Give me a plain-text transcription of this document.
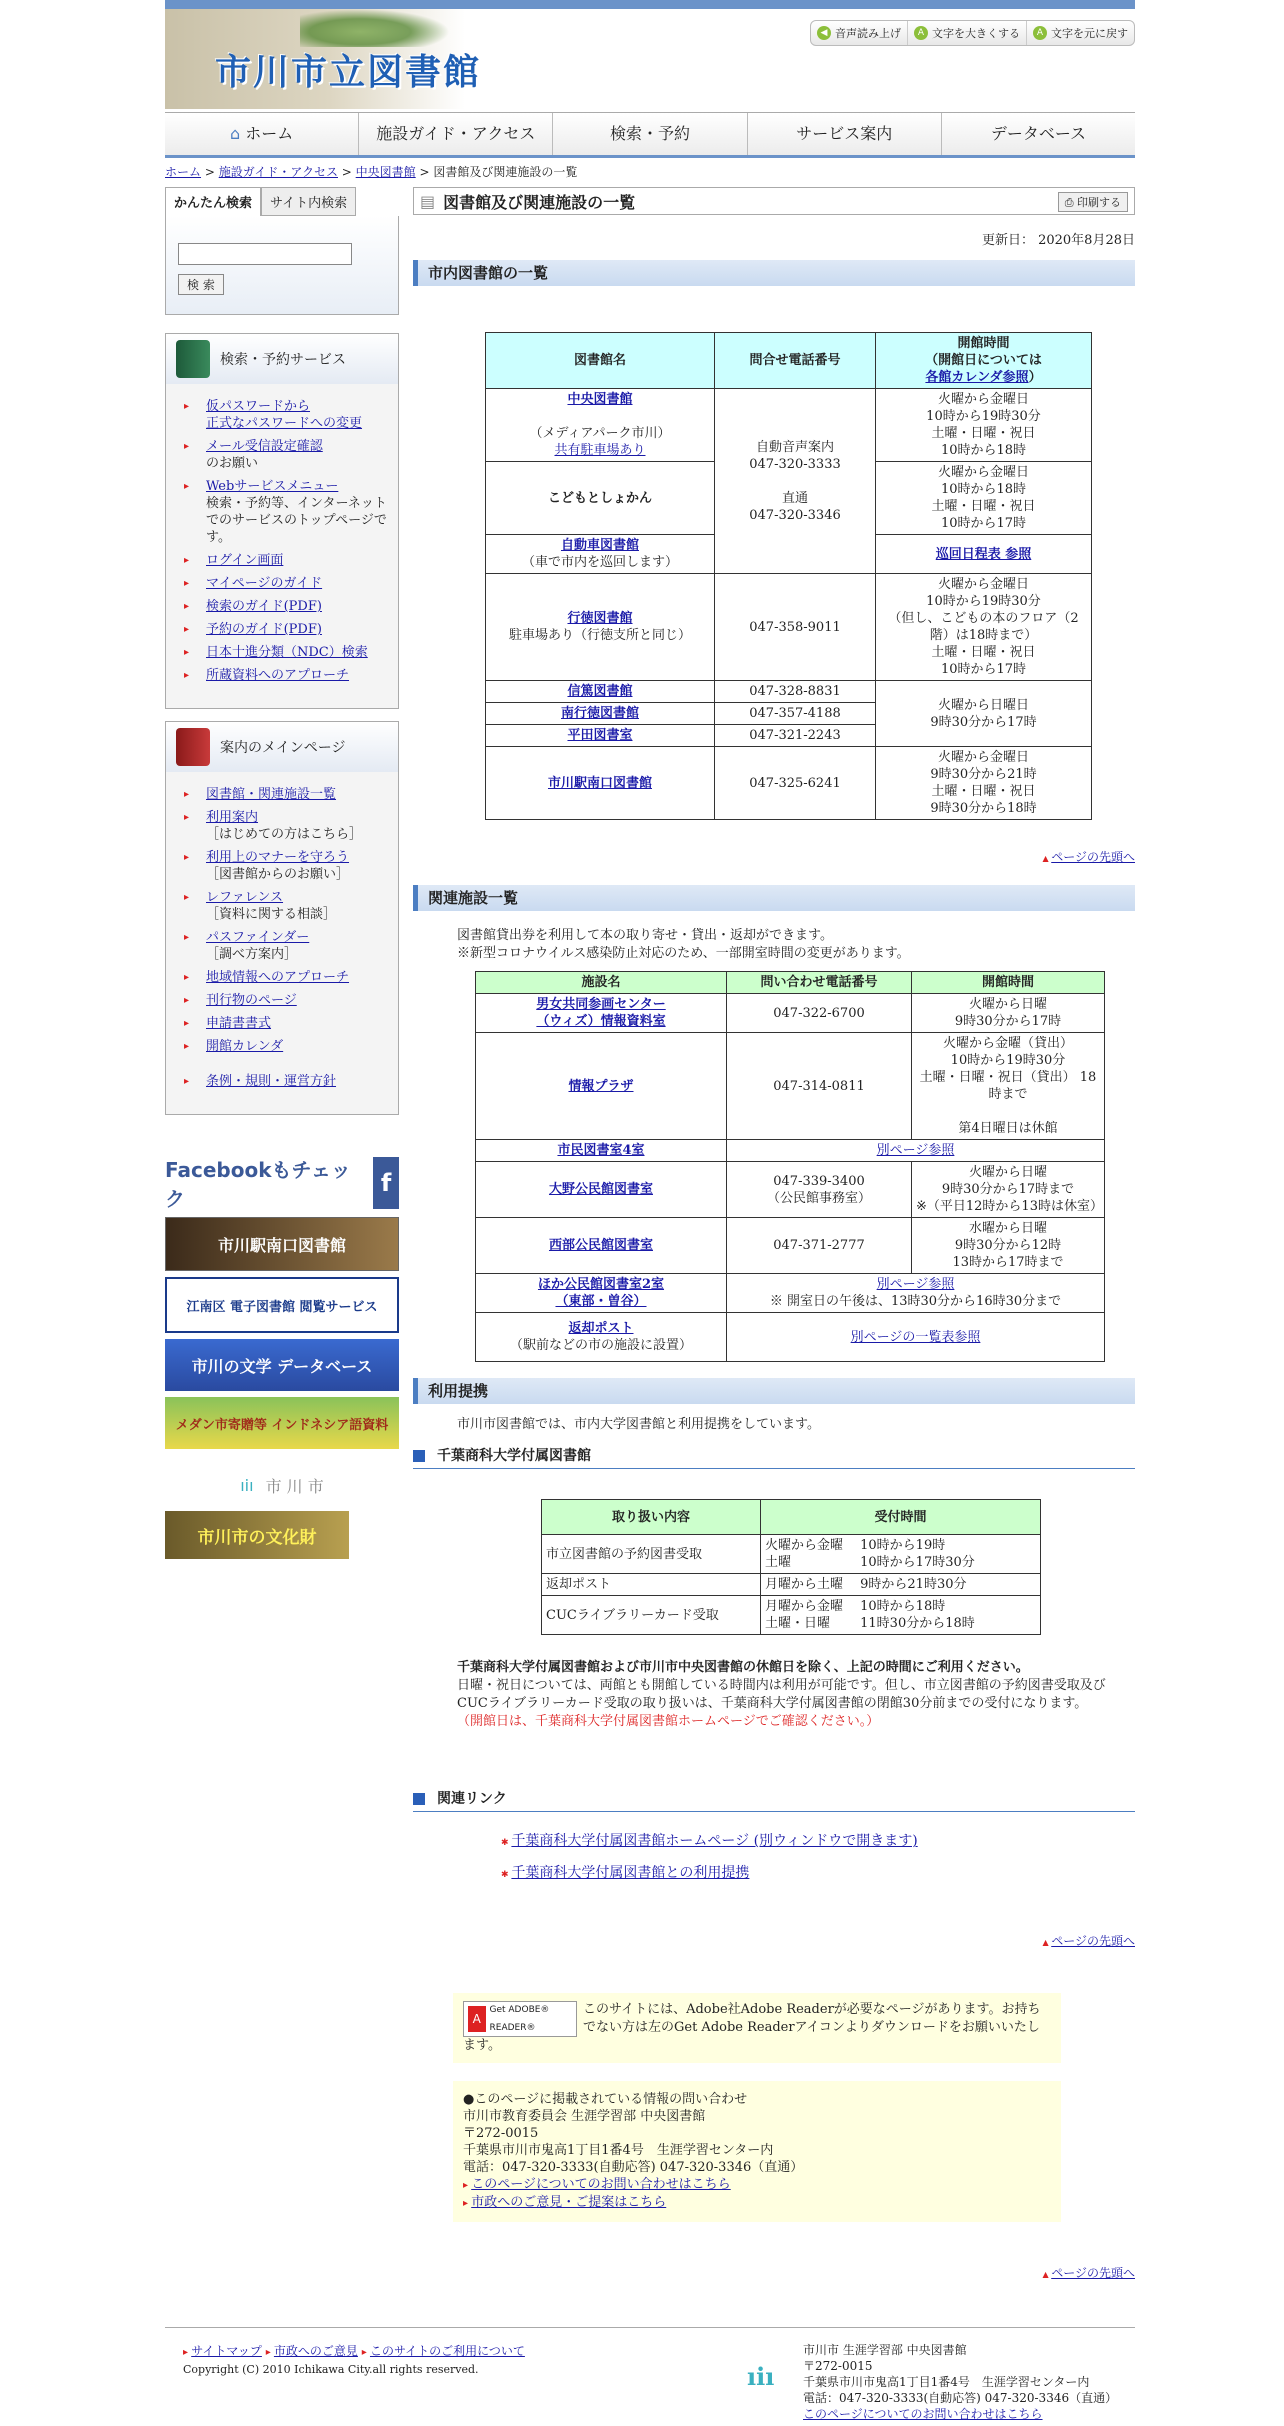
市川市立図書館
◀ 音声読み上げ	A 文字を大きくする	A 文字を元に戻す
⌂ ホーム	施設ガイド・アクセス	検索・予約	サービス案内	データベース
ホーム > 施設ガイド・アクセス > 中央図書館 > 図書館及び関連施設の一覧
かんたん検索	サイト内検索
検 索
検索・予約サービス
▸ 仮パスワードから
正式なパスワードへの変更
▸ メール受信設定確認
のお願い
▸ Webサービスメニュー
検索・予約等、インターネットでのサービスのトップページです。
▸ ログイン画面
▸ マイページのガイド
▸ 検索のガイド(PDF)
▸ 予約のガイド(PDF)
▸ 日本十進分類（NDC）検索
▸ 所蔵資料へのアプローチ
案内のメインページ
▸ 図書館・関連施設一覧
▸ 利用案内
［はじめての方はこちら］
▸ 利用上のマナーを守ろう
［図書館からのお願い］
▸ レファレンス
［資料に関する相談］
▸ パスファインダー
［調べ方案内］
▸ 地域情報へのアプローチ
▸ 刊行物のページ
▸ 申請書書式
▸ 開館カレンダ
▸ 条例・規則・運営方針
Facebookもチェック
f
市川駅南口図書館
江南区 電子図書館 閲覧サービス
市川の文学 データベース
メダン市寄贈等 インドネシア語資料
ıiı 市 川 市
市川市の文化財
▤ 図書館及び関連施設の一覧	⎙ 印刷する
更新日： 2020年8月28日
市内図書館の一覧
図書館名	問合せ電話番号	開館時間
（開館日については
各館カレンダ参照）
中央図書館

（メディアパーク市川）
共有駐車場あり	自動音声案内
047-320-3333

直通
047-320-3346	火曜から金曜日
10時から19時30分
土曜・日曜・祝日
10時から18時
こどもとしょかん		火曜から金曜日
10時から18時
土曜・日曜・祝日
10時から17時
自動車図書館
（車で市内を巡回します）		巡回日程表 参照
行徳図書館
駐車場あり（行徳支所と同じ）	047-358-9011	火曜から金曜日
10時から19時30分
（但し、こどもの本のフロア（2階）は18時まで）
土曜・日曜・祝日
10時から17時
信篤図書館	047-328-8831	火曜から日曜日
9時30分から17時
南行徳図書館	047-357-4188	
平田図書室	047-321-2243	
市川駅南口図書館	047-325-6241	火曜から金曜日
9時30分から21時
土曜・日曜・祝日
9時30分から18時
▲ ページの先頭へ
関連施設一覧
図書館貸出券を利用して本の取り寄せ・貸出・返却ができます。
※新型コロナウイルス感染防止対応のため、一部開室時間の変更があります。
施設名	問い合わせ電話番号	開館時間
男女共同参画センター
（ウィズ）情報資料室	047-322-6700	火曜から日曜
9時30分から17時
情報プラザ	047-314-0811	火曜から金曜（貸出）
10時から19時30分
土曜・日曜・祝日（貸出） 18時まで

第4日曜日は休館
市民図書室4室	別ページ参照	
大野公民館図書室	047-339-3400
（公民館事務室）	火曜から日曜
9時30分から17時まで
※（平日12時から13時は休室）
西部公民館図書室	047-371-2777	水曜から日曜
9時30分から12時
13時から17時まで
ほか公民館図書室2室
（東部・曽谷）	別ページ参照
※ 開室日の午後は、13時30分から16時30分まで	
返却ポスト
（駅前などの市の施設に設置）	別ページの一覧表参照	
利用提携
市川市図書館では、市内大学図書館と利用提携をしています。
千葉商科大学付属図書館
取り扱い内容	受付時間
市立図書館の予約図書受取	火曜から金曜　 10時から19時
土曜　　　　　 10時から17時30分
返却ポスト	月曜から土曜　 9時から21時30分
CUCライブラリーカード受取	月曜から金曜　 10時から18時
土曜・日曜　　 11時30分から18時
千葉商科大学付属図書館および市川市中央図書館の休館日を除く、上記の時間にご利用ください。
日曜・祝日については、両館とも開館している時間内は利用が可能です。但し、市立図書館の予約図書受取及びCUCライブラリーカード受取の取り扱いは、千葉商科大学付属図書館の閉館30分前までの受付になります。
（開館日は、千葉商科大学付属図書館ホームページでご確認ください。）
関連リンク
✱ 千葉商科大学付属図書館ホームページ (別ウィンドウで開きます)
✱ 千葉商科大学付属図書館との利用提携
▲ ページの先頭へ
A
Get ADOBE® READER®
このサイトには、Adobe社Adobe Readerが必要なページがあります。お持ちでない方は左のGet Adobe Readerアイコンよりダウンロードをお願いいたします。
●このページに掲載されている情報の問い合わせ
市川市教育委員会 生涯学習部 中央図書館
〒272-0015
千葉県市川市鬼高1丁目1番4号　生涯学習センター内
電話：047-320-3333(自動応答) 047-320-3346（直通）
▸ このページについてのお問い合わせはこちら
▸ 市政へのご意見・ご提案はこちら
▲ ページの先頭へ
▸ サイトマップ ▸ 市政へのご意見 ▸ このサイトのご利用について
Copyright (C) 2010 Ichikawa City.all rights reserved.	ıiı
市川市 生涯学習部 中央図書館
〒272-0015
千葉県市川市鬼高1丁目1番4号　生涯学習センター内
電話：047-320-3333(自動応答) 047-320-3346（直通）
このページについてのお問い合わせはこちら
